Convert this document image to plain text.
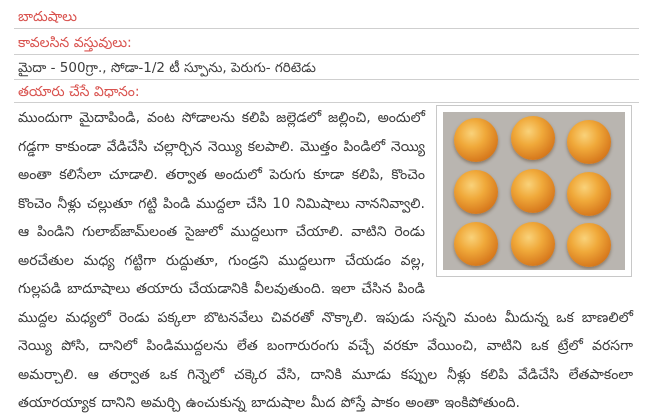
బాదుషాలు
కావలసిన వస్తువులు:
మైదా - 500గ్రా., సోడా-1/2 టీ స్పూను, పెరుగు- గరిటెడు
తయారు చేసే విధానం:
ముందుగా మైదాపిండి, వంట సోడాలను కలిపి జల్లెడలో జల్లించి, అందులో గడ్డగా కాకుండా వేడిచేసి చల్లార్చిన నెయ్యి కలపాలి. మొత్తం పిండిలో నెయ్యి అంతా కలిసేలా చూడాలి. తర్వాత అందులో పెరుగు కూడా కలిపి, కొంచెం కొంచెం నీళ్లు చల్లుతూ గట్టి పిండి ముద్దలా చేసి 10 నిమిషాలు నాననివ్వాలి. ఆ పిండిని గులాబ్‌జామ్‌లంత సైజులో ముద్దలుగా చేయాలి. వాటిని రెండు అరచేతుల మధ్య గట్టిగా రుద్దుతూ, గుండ్రని ముద్దలుగా చేయడం వల్ల, గుల్లపడి బాదూషాలు తయారు చేయడానికి వీలవుతుంది. ఇలా చేసిన పిండి ముద్దల మధ్యలో రెండు పక్కలా బొటనవేలు చివరతో నొక్కాలి. ఇపుడు సన్నని మంట మీదున్న ఒక బాణలిలో నెయ్యి పోసి, దానిలో పిండిముద్దలను లేత బంగారురంగు వచ్చే వరకూ వేయించి, వాటిని ఒక ట్రేలో వరసగా అమర్చాలి. ఆ తర్వాత ఒక గిన్నెలో చక్కెర వేసి, దానికి మూడు కప్పుల నీళ్లు కలిపి వేడిచేసి లేతపాకంలా తయారయ్యాక దానిని అమర్చి ఉంచుకున్న బాదుషాల మీద పోస్తే పాకం అంతా ఇంకిపోతుంది.
